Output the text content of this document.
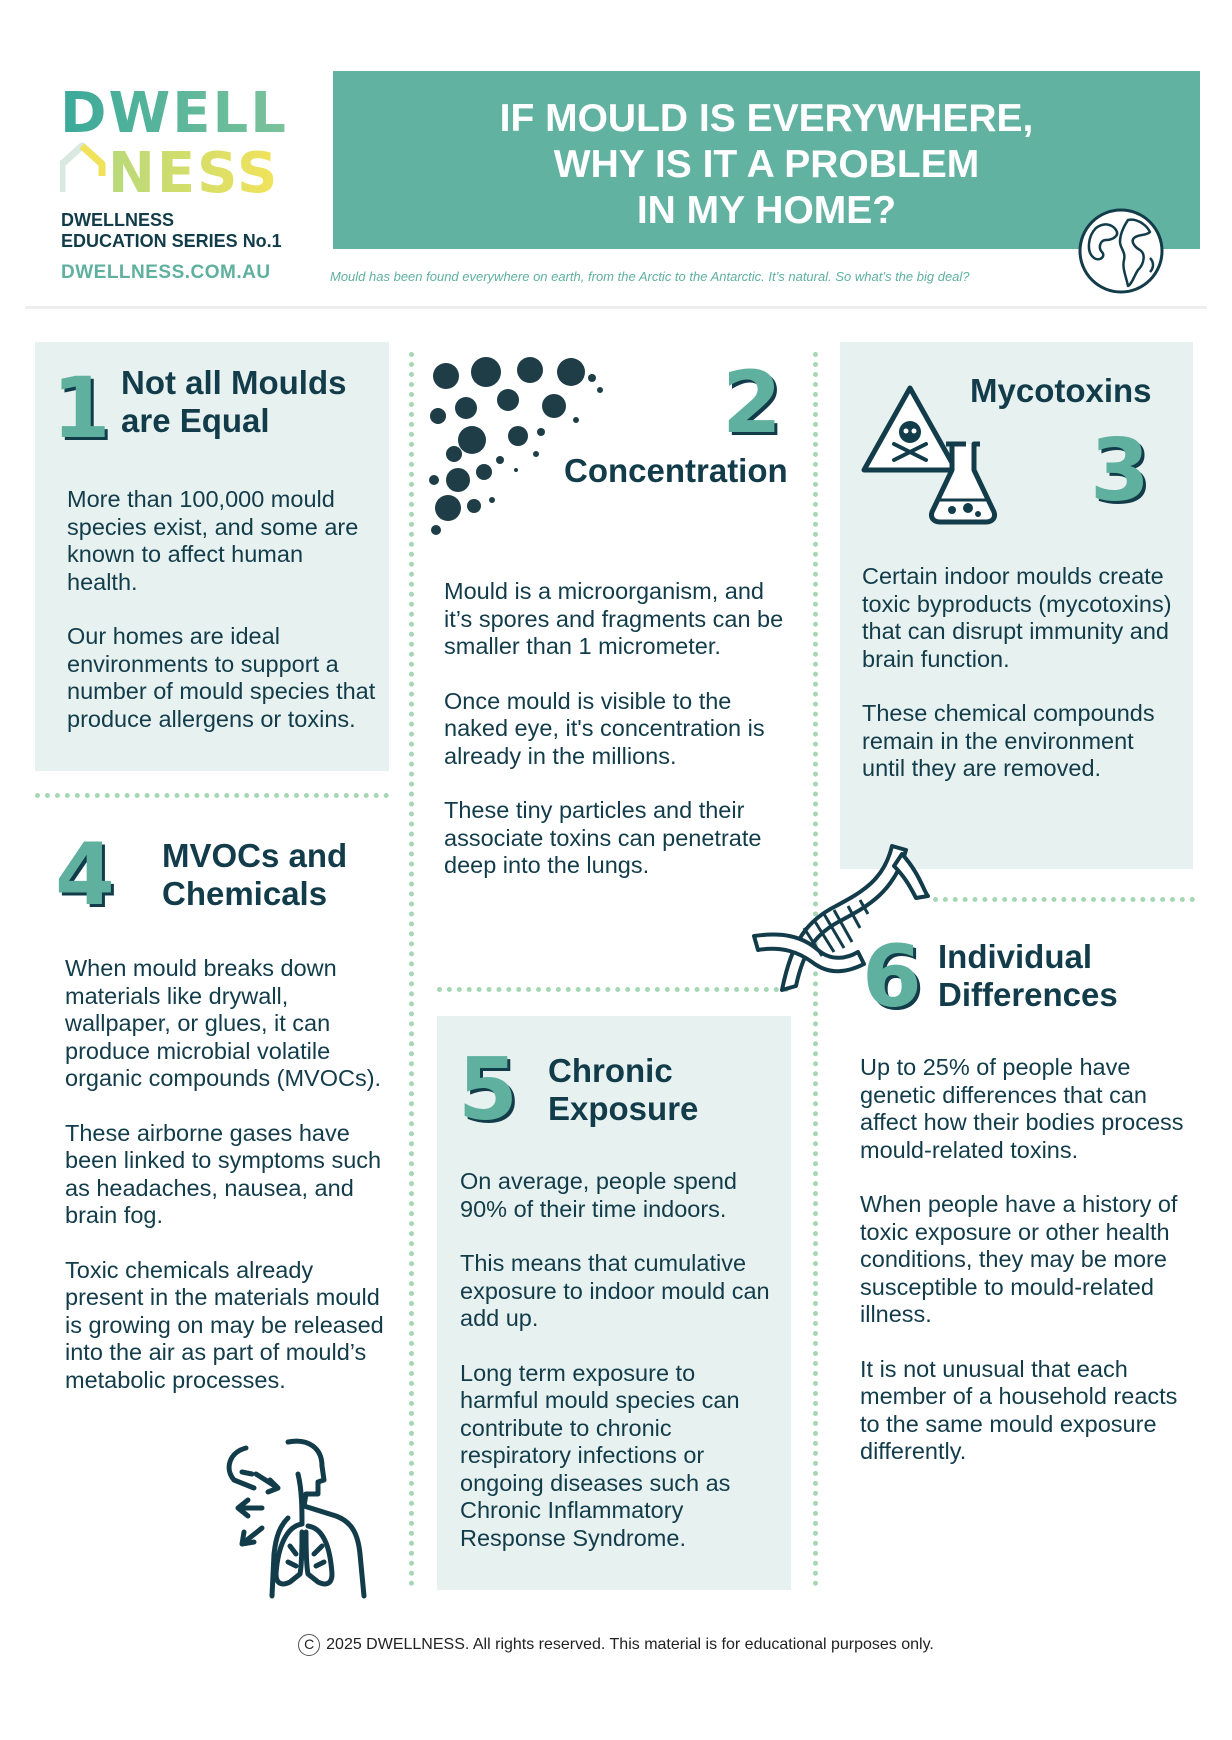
DWELL
NESS
DWELLNESS
EDUCATION SERIES No.1
DWELLNESS.COM.AU
IF MOULD IS EVERYWHERE,
WHY IS IT A PROBLEM
IN MY HOME?
Mould has been found everywhere on earth, from the Arctic to the Antarctic. It’s natural. So what’s the big deal?
1 Not all Moulds
are Equal

More than 100,000 mould species exist, and some are known to affect human health.

Our homes are ideal environments to support a number of mould species that produce allergens or toxins.

2
Concentration

Mould is a microorganism, and it’s spores and fragments can be smaller than 1 micrometer.

Once mould is visible to the naked eye, it's concentration is already in the millions.

These tiny particles and their associate toxins can penetrate deep into the lungs.

Mycotoxins
3

Certain indoor moulds create toxic byproducts (mycotoxins) that can disrupt immunity and brain function.

These chemical compounds remain in the environment until they are removed.

4 MVOCs and
Chemicals

When mould breaks down materials like drywall, wallpaper, or glues, it can produce microbial volatile organic compounds (MVOCs).

These airborne gases have been linked to symptoms such as headaches, nausea, and brain fog.

Toxic chemicals already present in the materials mould is growing on may be released into the air as part of mould’s metabolic processes.

5 Chronic
Exposure

On average, people spend 90% of their time indoors.

This means that cumulative exposure to indoor mould can add up.

Long term exposure to harmful mould species can contribute to chronic respiratory infections or ongoing diseases such as Chronic Inflammatory Response Syndrome.

6 Individual
Differences

Up to 25% of people have genetic differences that can affect how their bodies process mould-related toxins.

When people have a history of toxic exposure or other health conditions, they may be more susceptible to mould-related illness.

It is not unusual that each member of a household reacts to the same mould exposure differently.

C 2025 DWELLNESS. All rights reserved. This material is for educational purposes only.
